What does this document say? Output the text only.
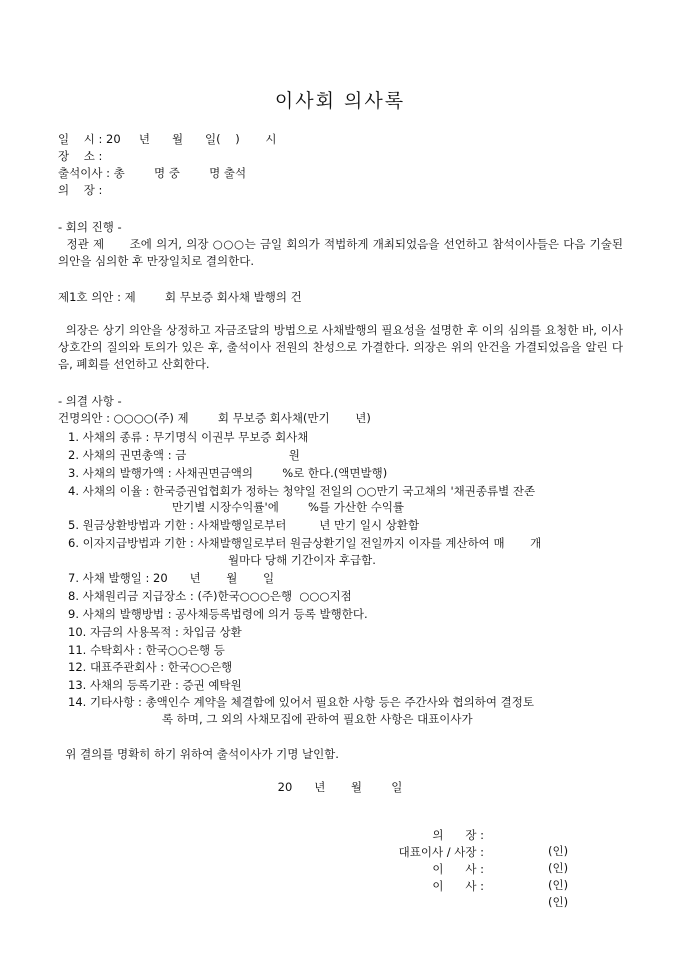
이사회 의사록
일    시 : 20     년      월      일(    )       시
장    소 :
출석이사 : 총        명 중        명 출석
의    장 :
- 회의 진행 -
정관 제      조에 의거, 의장 ○○○는 금일 회의가 적법하게 개최되었음을 선언하고 참석이사들은 다음 기술된 의안을 심의한 후 만장일치로 결의한다.
제1호 의안 : 제        회 무보증 회사채 발행의 건
의장은 상기 의안을 상정하고 자금조달의 방법으로 사채발행의 필요성을 설명한 후 이의 심의를 요청한 바, 이사 상호간의 질의와 토의가 있은 후, 출석이사 전원의 찬성으로 가결한다. 의장은 위의 안건을 가결되었음을 알린 다음, 폐회를 선언하고 산회한다.
- 의결 사항 -
건명의안 : ○○○○(주) 제        회 무보증 회사채(만기       년)
1. 사채의 종류 : 무기명식 이권부 무보증 회사채
2. 사채의 권면총액 : 금                            원
3. 사채의 발행가액 : 사채권면금액의        %로 한다.(액면발행)
4. 사채의 이율 : 한국증권업협회가 정하는 청약일 전일의 ○○만기 국고채의 '채권종류별 잔존
만기별 시장수익률'에        %를 가산한 수익률
5. 원금상환방법과 기한 : 사채발행일로부터         년 만기 일시 상환함
6. 이자지급방법과 기한 : 사채발행일로부터 원금상환기일 전일까지 이자를 계산하여 매       개
월마다 당해 기간이자 후급함.
7. 사채 발행일 : 20      년       월       일
8. 사채원리금 지급장소 : (주)한국○○○은행  ○○○지점
9. 사채의 발행방법 : 공사채등록법령에 의거 등록 발행한다.
10. 자금의 사용목적 : 차입금 상환
11. 수탁회사 : 한국○○은행 등
12. 대표주관회사 : 한국○○은행
13. 사채의 등록기관 : 증권 예탁원
14. 기타사항 : 총액인수 계약을 체결함에 있어서 필요한 사항 등은 주간사와 협의하여 결정토
록 하며, 그 외의 사채모집에 관하여 필요한 사항은 대표이사가
위 결의를 명확히 하기 위하여 출석이사가 기명 날인함.
20      년       월        일

의      장 :

(인)

대표이사 / 사장 :

(인)

이      사 :

(인)

이      사 :

(인)
